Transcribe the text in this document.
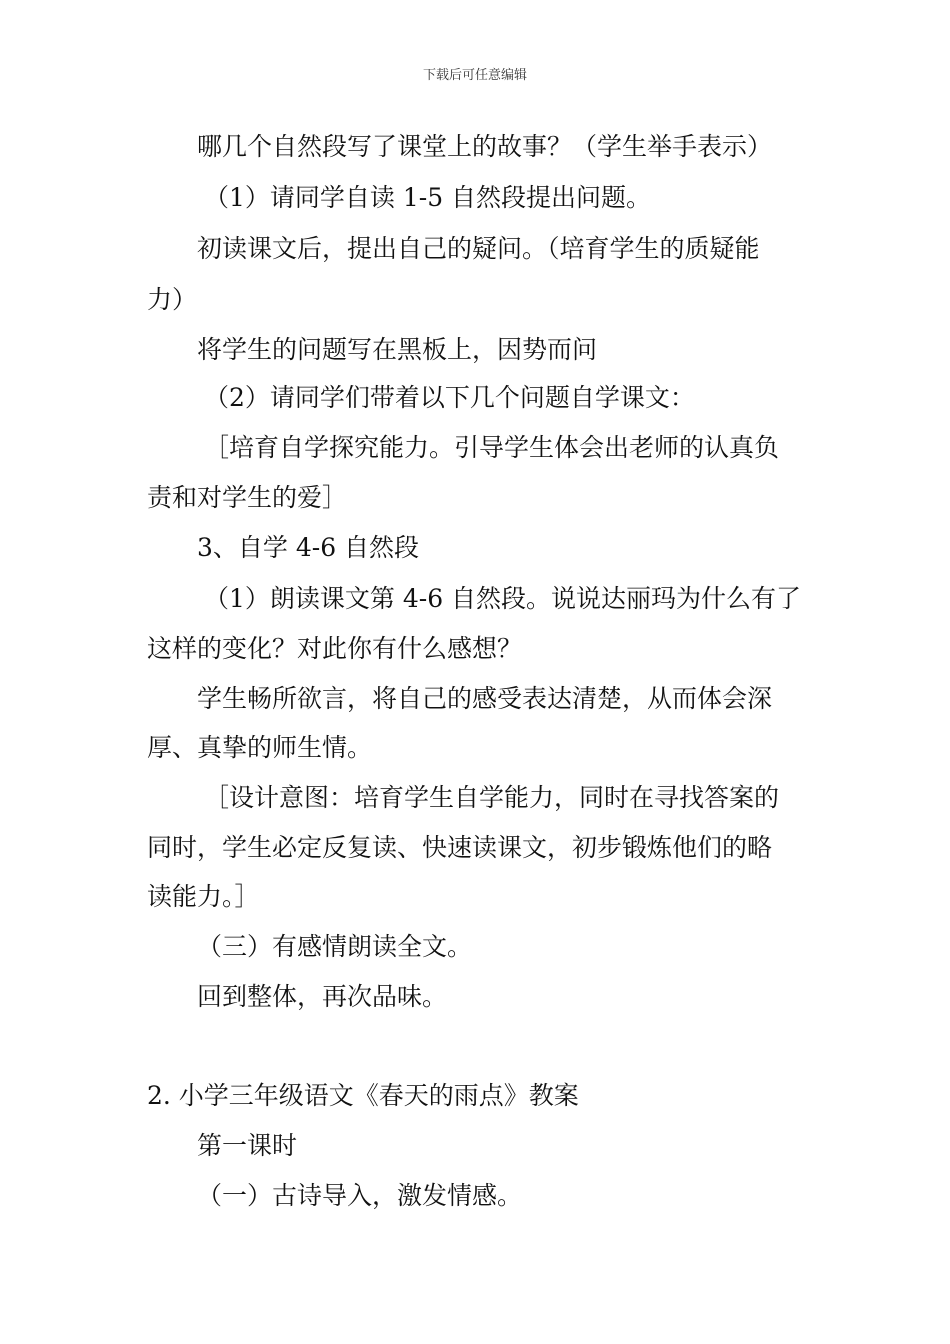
下载后可任意编辑
哪几个自然段写了课堂上的故事？（学生举手表示）
（1）请同学自读 1-5 自然段提出问题。
初读课文后，提出自己的疑问。（培育学生的质疑能
力）
将学生的问题写在黑板上，因势而问
（2）请同学们带着以下几个问题自学课文：
［培育自学探究能力。引导学生体会出老师的认真负
责和对学生的爱］
3、自学 4-6 自然段
（1）朗读课文第 4-6 自然段。说说达丽玛为什么有了
这样的变化？对此你有什么感想？
学生畅所欲言，将自己的感受表达清楚，从而体会深
厚、真挚的师生情。
［设计意图：培育学生自学能力，同时在寻找答案的
同时，学生必定反复读、快速读课文，初步锻炼他们的略
读能力。］
（三）有感情朗读全文。
回到整体，再次品味。
2. 小学三年级语文《春天的雨点》教案
第一课时
（一）古诗导入，激发情感。
